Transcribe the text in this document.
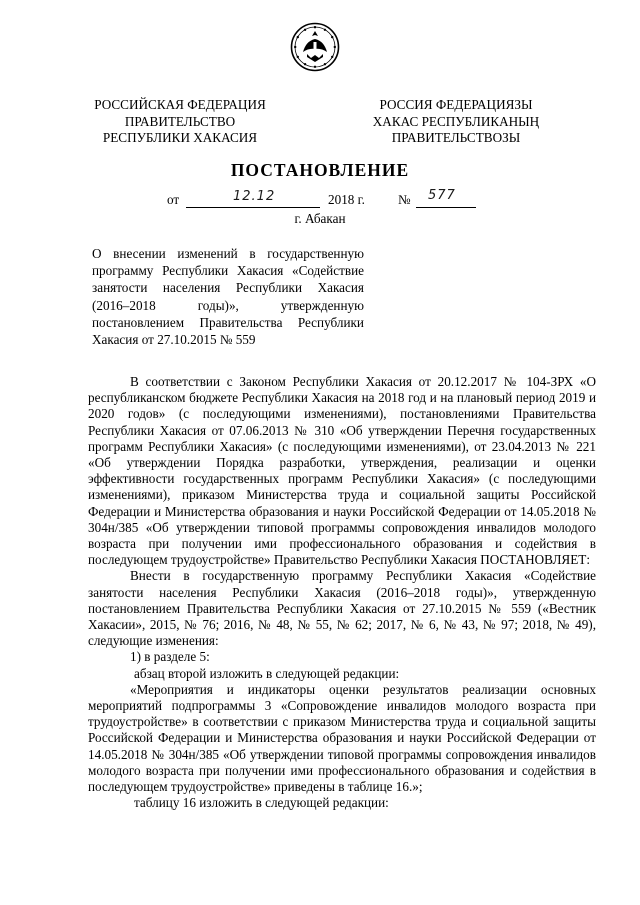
РОССИЙСКАЯ ФЕДЕРАЦИЯ
ПРАВИТЕЛЬСТВО
РЕСПУБЛИКИ ХАКАСИЯ
РОССИЯ ФЕДЕРАЦИЯЗЫ
ХАКАС РЕСПУБЛИКАНЫҢ
ПРАВИТЕЛЬСТВОЗЫ
ПОСТАНОВЛЕНИЕ
от	12.12	2018 г.	№ 577
г. Абакан
О внесении изменений в государственную программу Республики Хакасия «Содействие занятости населения Республики Хакасия (2016–2018 годы)», утвержденную постановлением Правительства Республики Хакасия от 27.10.2015 № 559

В соответствии с Законом Республики Хакасия от 20.12.2017 № 104-ЗРХ «О республиканском бюджете Республики Хакасия на 2018 год и на плановый период 2019 и 2020 годов» (с последующими изменениями), постановлениями Правительства Республики Хакасия от 07.06.2013 № 310 «Об утверждении Перечня государственных программ Республики Хакасия» (с последующими изменениями), от 23.04.2013 № 221 «Об утверждении Порядка разработки, утверждения, реализации и оценки эффективности государственных программ Республики Хакасия» (с последующими изменениями), приказом Министерства труда и социальной защиты Российской Федерации и Министерства образования и науки Российской Федерации от 14.05.2018 № 304н/385 «Об утверждении типовой программы сопровождения инвалидов молодого возраста при получении ими профессионального образования и содействия в последующем трудоустройстве» Правительство Республики Хакасия ПОСТАНОВЛЯЕТ:

Внести в государственную программу Республики Хакасия «Содействие занятости населения Республики Хакасия (2016–2018 годы)», утвержденную постановлением Правительства Республики Хакасия от 27.10.2015 № 559 («Вестник Хакасии», 2015, № 76; 2016, № 48, № 55, № 62; 2017, № 6, № 43, № 97; 2018, № 49), следующие изменения:

1) в разделе 5:

абзац второй изложить в следующей редакции:

«Мероприятия и индикаторы оценки результатов реализации основных мероприятий подпрограммы 3 «Сопровождение инвалидов молодого возраста при трудоустройстве» в соответствии с приказом Министерства труда и социальной защиты Российской Федерации и Министерства образования и науки Российской Федерации от 14.05.2018 № 304н/385 «Об утверждении типовой программы сопровождения инвалидов молодого возраста при получении ими профессионального образования и содействия в последующем трудоустройстве» приведены в таблице 16.»;

таблицу 16 изложить в следующей редакции:
